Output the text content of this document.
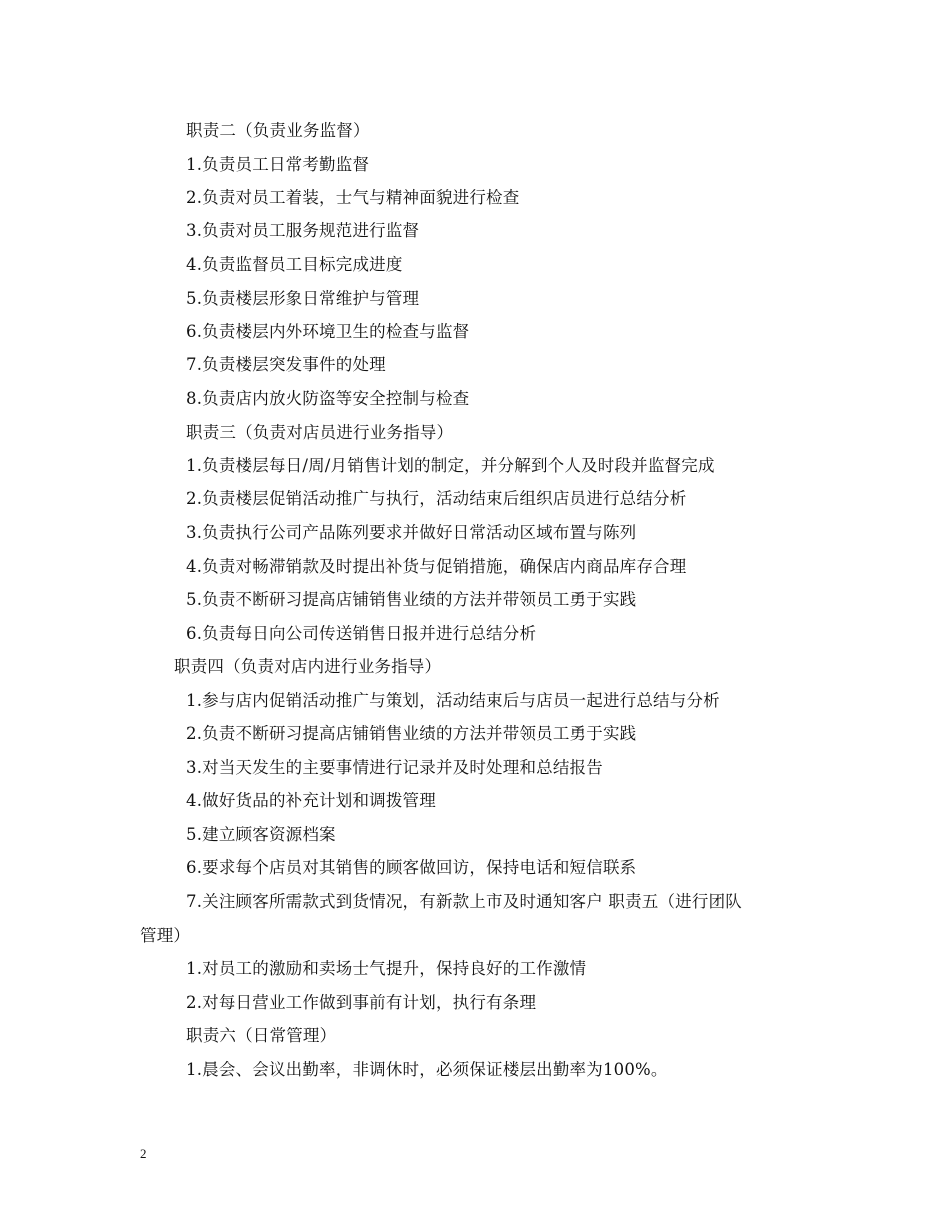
职责二（负责业务监督）
1.负责员工日常考勤监督
2.负责对员工着装，士气与精神面貌进行检查
3.负责对员工服务规范进行监督
4.负责监督员工目标完成进度
5.负责楼层形象日常维护与管理
6.负责楼层内外环境卫生的检查与监督
7.负责楼层突发事件的处理
8.负责店内放火防盗等安全控制与检查
职责三（负责对店员进行业务指导）
1.负责楼层每日/周/月销售计划的制定，并分解到个人及时段并监督完成
2.负责楼层促销活动推广与执行，活动结束后组织店员进行总结分析
3.负责执行公司产品陈列要求并做好日常活动区域布置与陈列
4.负责对畅滞销款及时提出补货与促销措施，确保店内商品库存合理
5.负责不断研习提高店铺销售业绩的方法并带领员工勇于实践
6.负责每日向公司传送销售日报并进行总结分析
职责四（负责对店内进行业务指导）
1.参与店内促销活动推广与策划，活动结束后与店员一起进行总结与分析
2.负责不断研习提高店铺销售业绩的方法并带领员工勇于实践
3.对当天发生的主要事情进行记录并及时处理和总结报告
4.做好货品的补充计划和调拨管理
5.建立顾客资源档案
6.要求每个店员对其销售的顾客做回访，保持电话和短信联系
7.关注顾客所需款式到货情况，有新款上市及时通知客户 职责五（进行团队
管理）
1.对员工的激励和卖场士气提升，保持良好的工作激情
2.对每日营业工作做到事前有计划，执行有条理
职责六（日常管理）
1.晨会、会议出勤率，非调休时，必须保证楼层出勤率为100%。
2
